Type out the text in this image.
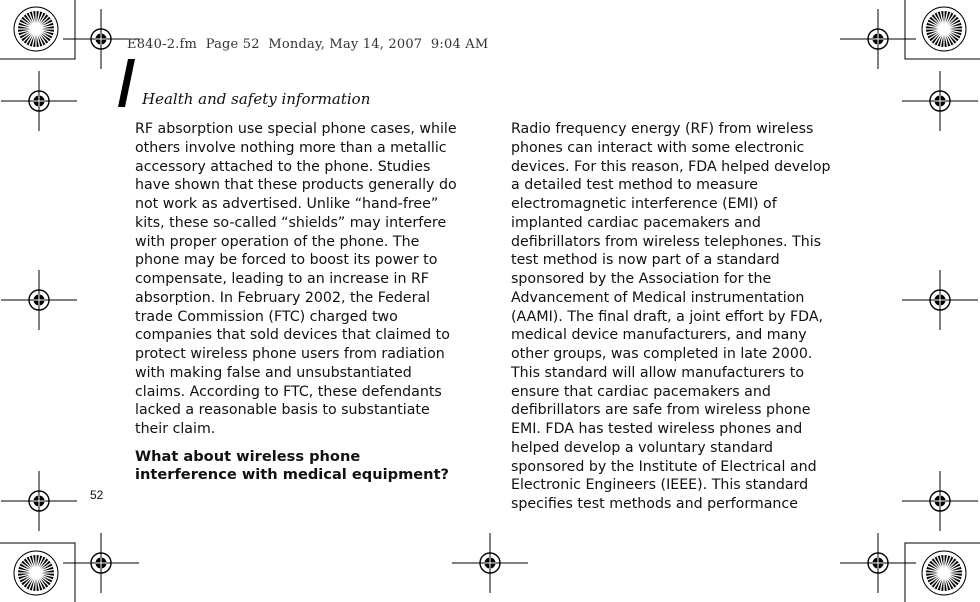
E840-2.fm  Page 52  Monday, May 14, 2007  9:04 AM
Health and safety information

RF absorption use special phone cases, while
others involve nothing more than a metallic
accessory attached to the phone. Studies
have shown that these products generally do
not work as advertised. Unlike “hand-free”
kits, these so-called “shields” may interfere
with proper operation of the phone. The
phone may be forced to boost its power to
compensate, leading to an increase in RF
absorption. In February 2002, the Federal
trade Commission (FTC) charged two
companies that sold devices that claimed to
protect wireless phone users from radiation
with making false and unsubstantiated
claims. According to FTC, these defendants
lacked a reasonable basis to substantiate
their claim.

What about wireless phone
interference with medical equipment?

Radio frequency energy (RF) from wireless
phones can interact with some electronic
devices. For this reason, FDA helped develop
a detailed test method to measure
electromagnetic interference (EMI) of
implanted cardiac pacemakers and
defibrillators from wireless telephones. This
test method is now part of a standard
sponsored by the Association for the
Advancement of Medical instrumentation
(AAMI). The final draft, a joint effort by FDA,
medical device manufacturers, and many
other groups, was completed in late 2000.
This standard will allow manufacturers to
ensure that cardiac pacemakers and
defibrillators are safe from wireless phone
EMI. FDA has tested wireless phones and
helped develop a voluntary standard
sponsored by the Institute of Electrical and
Electronic Engineers (IEEE). This standard
specifies test methods and performance

52
